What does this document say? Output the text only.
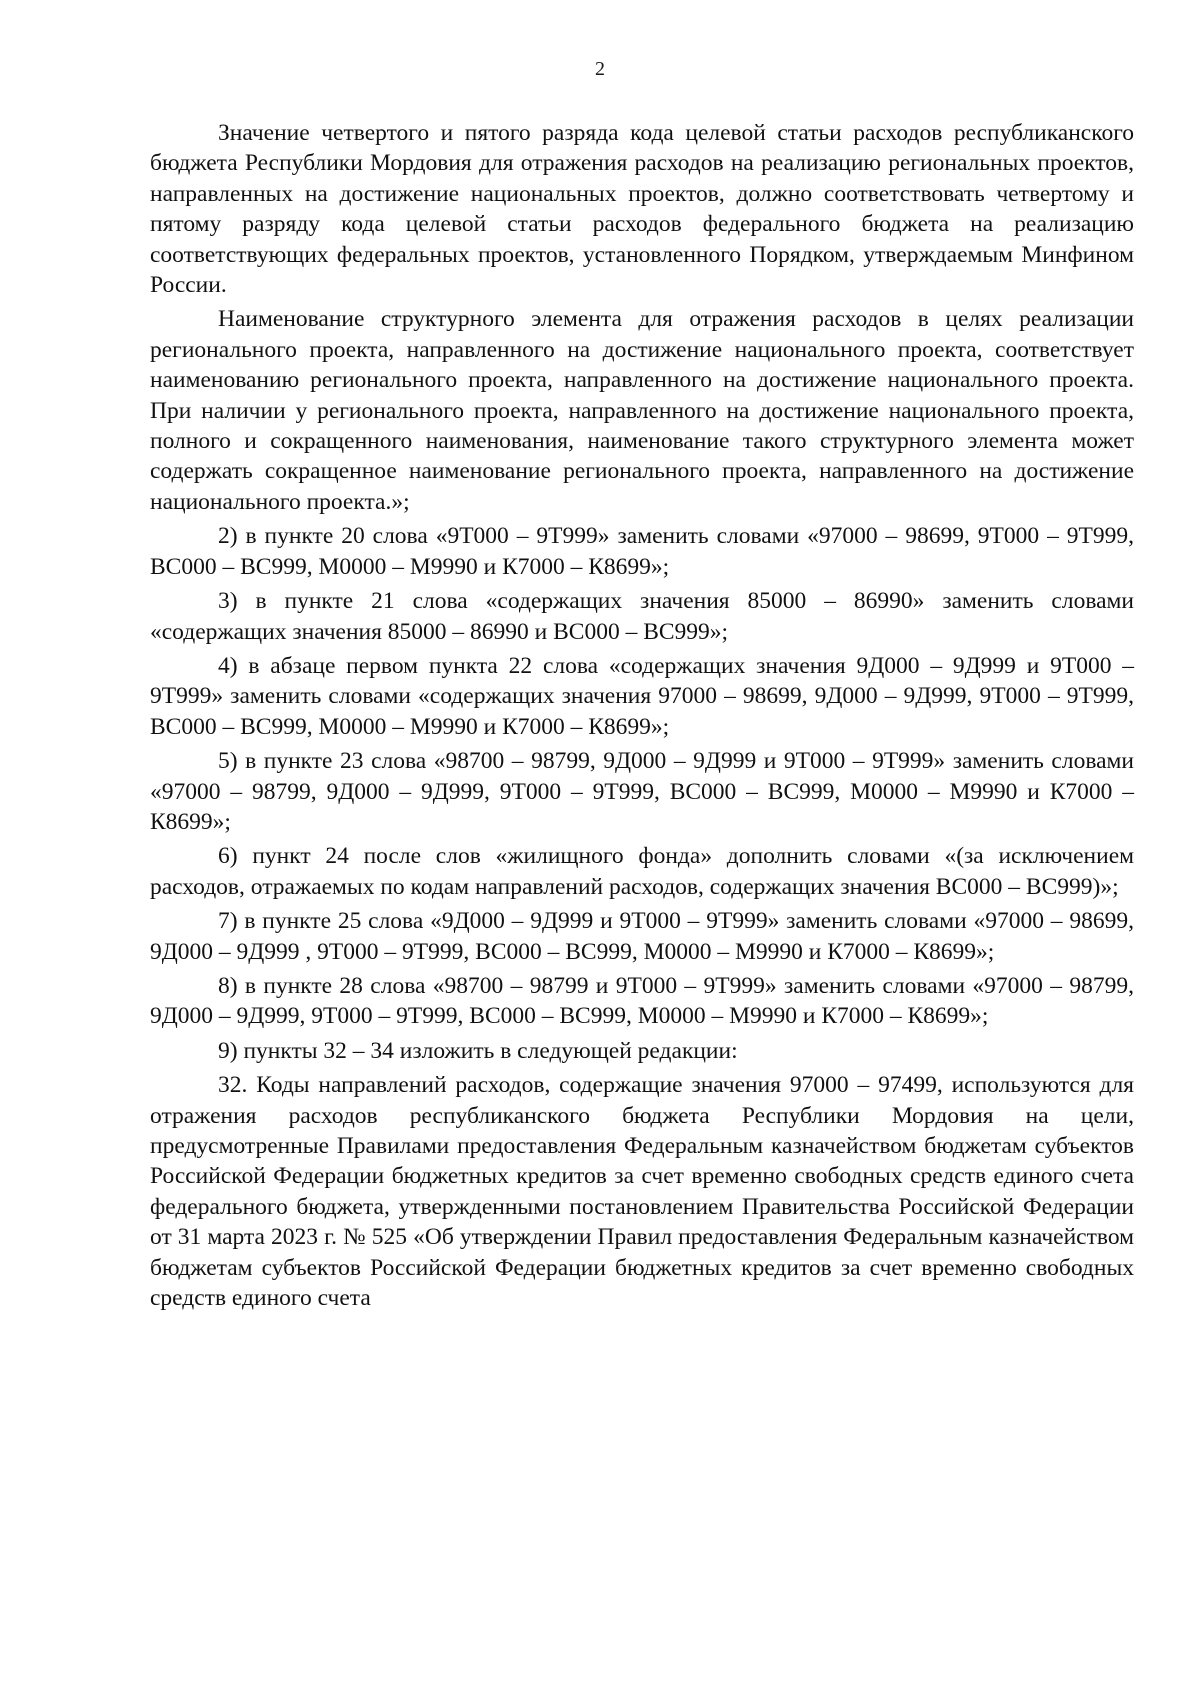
2

Значение четвертого и пятого разряда кода целевой статьи расходов республиканского бюджета Республики Мордовия для отражения расходов на реализацию региональных проектов, направленных на достижение национальных проектов, должно соответствовать четвертому и пятому разряду кода целевой статьи расходов федерального бюджета на реализацию соответствующих федеральных проектов, установленного Порядком, утверждаемым Минфином России.

Наименование структурного элемента для отражения расходов в целях реализации регионального проекта, направленного на достижение национального проекта, соответствует наименованию регионального проекта, направленного на достижение национального проекта. При наличии у регионального проекта, направленного на достижение национального проекта, полного и сокращенного наименования, наименование такого структурного элемента может содержать сокращенное наименование регионального проекта, направленного на достижение национального проекта.»;

2) в пункте 20 слова «9Т000 – 9Т999» заменить словами «97000 – 98699, 9Т000 – 9Т999, ВС000 – ВС999, М0000 – М9990 и К7000 – К8699»;

3) в пункте 21 слова «содержащих значения 85000 – 86990» заменить словами «содержащих значения 85000 – 86990 и ВС000 – ВС999»;

4) в абзаце первом пункта 22 слова «содержащих значения 9Д000 – 9Д999 и 9Т000 – 9Т999» заменить словами «содержащих значения 97000 – 98699, 9Д000 – 9Д999, 9Т000 – 9Т999, ВС000 – ВС999, М0000 – М9990 и К7000 – К8699»;

5) в пункте 23 слова «98700 – 98799, 9Д000 – 9Д999 и 9Т000 – 9Т999» заменить словами «97000 – 98799, 9Д000 – 9Д999, 9Т000 – 9Т999, ВС000 – ВС999, М0000 – М9990 и К7000 – К8699»;

6) пункт 24 после слов «жилищного фонда» дополнить словами «(за исключением расходов, отражаемых по кодам направлений расходов, содержащих значения ВС000 – ВС999)»;

7) в пункте 25 слова «9Д000 – 9Д999 и 9Т000 – 9Т999» заменить словами «97000 – 98699, 9Д000 – 9Д999 , 9Т000 – 9Т999, ВС000 – ВС999, М0000 – М9990 и К7000 – К8699»;

8) в пункте 28 слова «98700 – 98799 и 9Т000 – 9Т999» заменить словами «97000 – 98799, 9Д000 – 9Д999, 9Т000 – 9Т999, ВС000 – ВС999, М0000 – М9990 и К7000 – К8699»;

9) пункты 32 – 34 изложить в следующей редакции:

32. Коды направлений расходов, содержащие значения 97000 – 97499, используются для отражения расходов республиканского бюджета Республики Мордовия на цели, предусмотренные Правилами предоставления Федеральным казначейством бюджетам субъектов Российской Федерации бюджетных кредитов за счет временно свободных средств единого счета федерального бюджета, утвержденными постановлением Правительства Российской Федерации от 31 марта 2023 г. № 525 «Об утверждении Правил предоставления Федеральным казначейством бюджетам субъектов Российской Федерации бюджетных кредитов за счет временно свободных средств единого счета
